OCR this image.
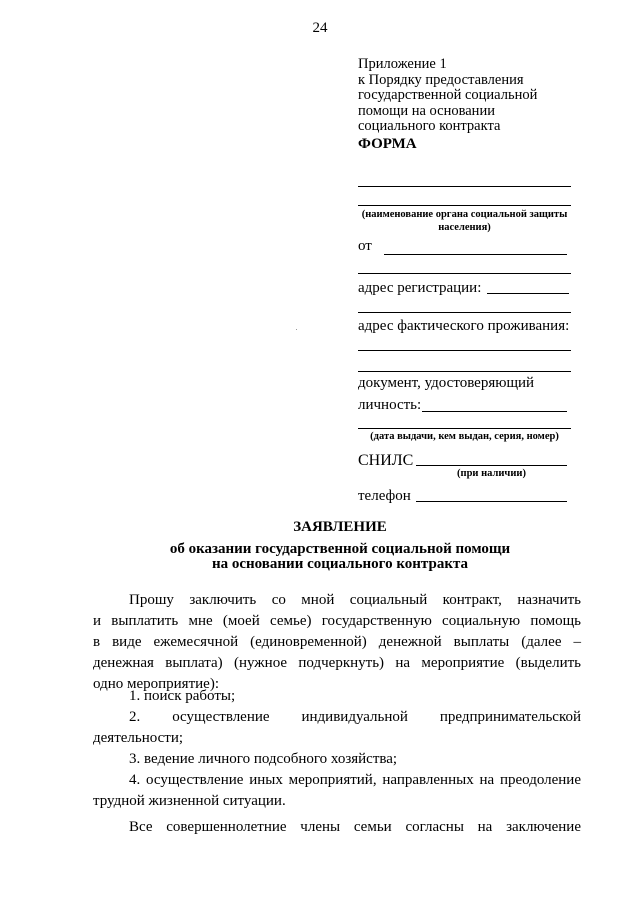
24
Приложение 1
к Порядку предоставления
государственной социальной
помощи на основании
социального контракта
ФОРМА
(наименование органа социальной защиты
населения)
от
адрес регистрации:
адрес фактического проживания:
документ, удостоверяющий
личность:
(дата выдачи, кем выдан, серия, номер)
СНИЛС
(при наличии)
телефон
ЗАЯВЛЕНИЕ
об оказании государственной социальной помощи
на основании социального контракта
Прошу заключить со мной социальный контракт, назначить
и выплатить мне (моей семье) государственную социальную помощь
в виде ежемесячной (единовременной) денежной выплаты (далее –
денежная выплата) (нужное подчеркнуть) на мероприятие (выделить
одно мероприятие):
1. поиск работы;
2. осуществление индивидуальной предпринимательской
деятельности;
3. ведение личного подсобного хозяйства;
4. осуществление иных мероприятий, направленных на преодоление
трудной жизненной ситуации.
Все совершеннолетние члены семьи согласны на заключение
